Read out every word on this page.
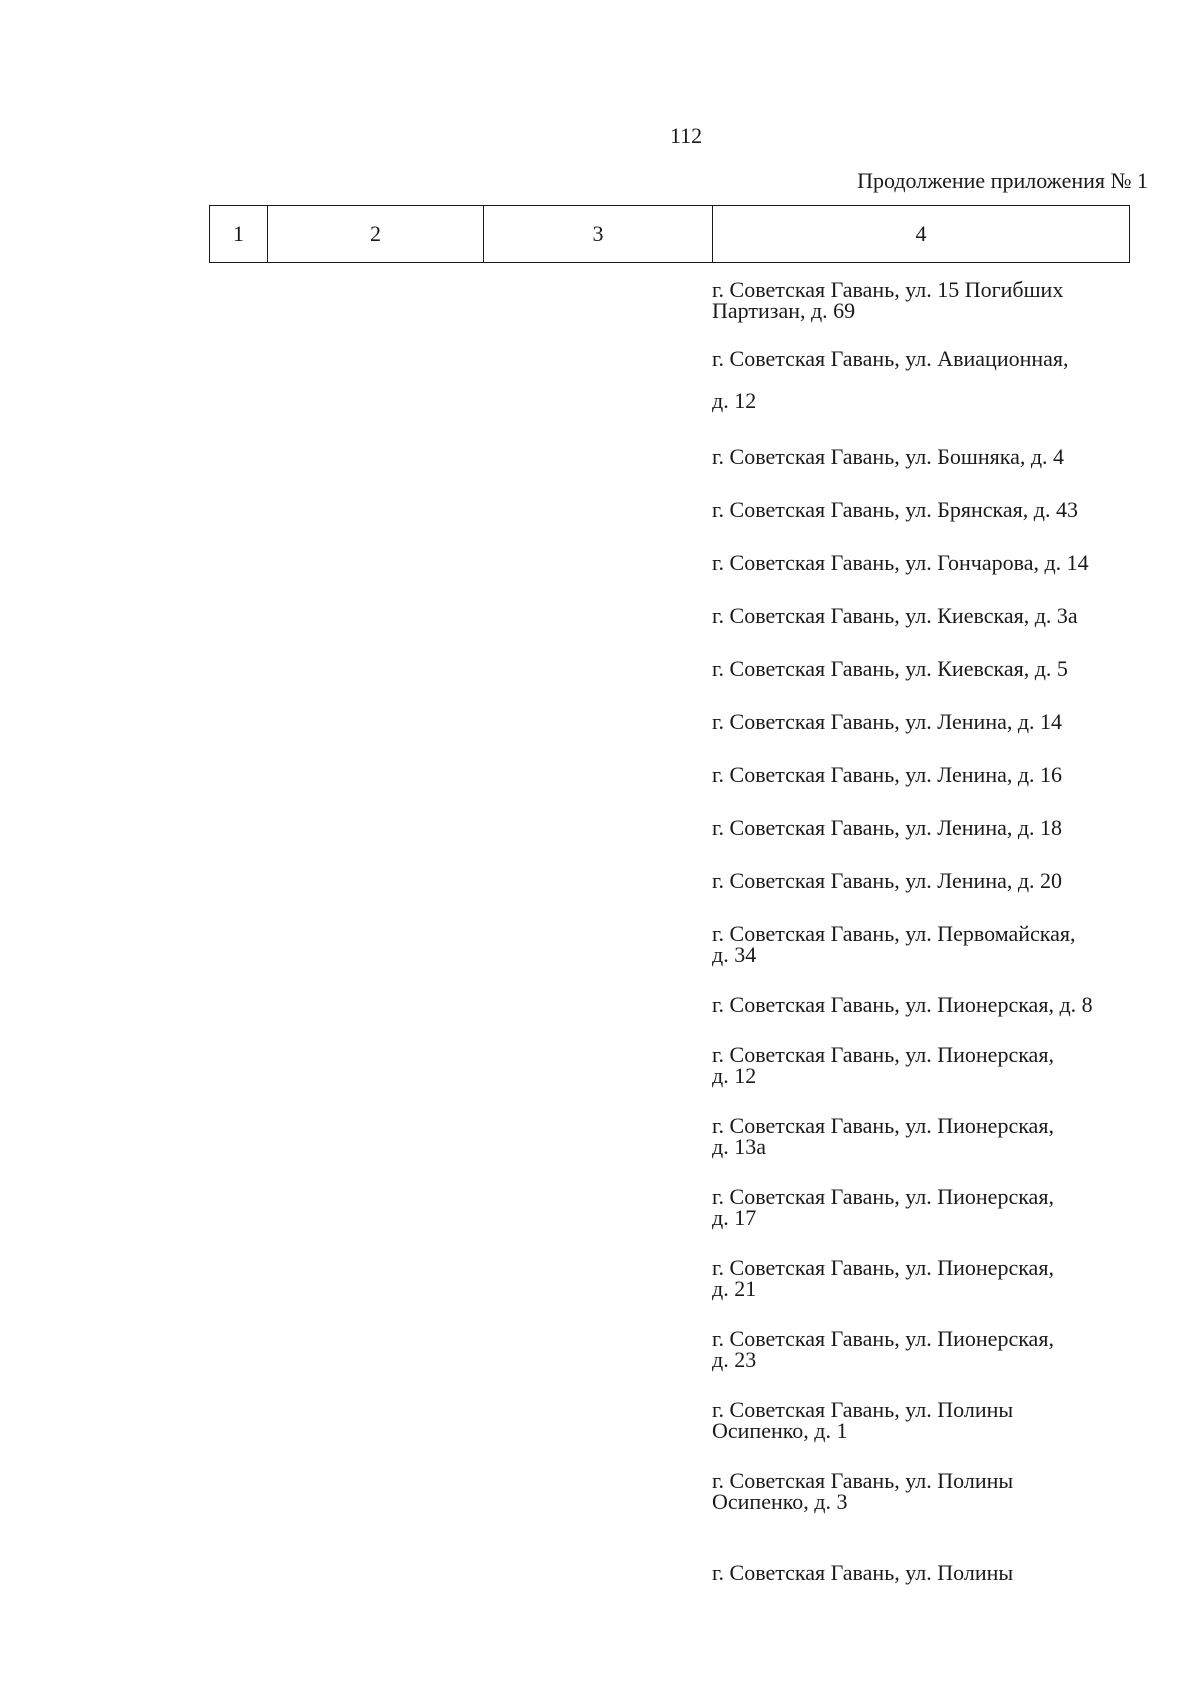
112
Продолжение приложения № 1
1	2	3	4
г. Советская Гавань, ул. 15 Погибших
Партизан, д. 69
г. Советская Гавань, ул. Авиационная,

д. 12
г. Советская Гавань, ул. Бошняка, д. 4
г. Советская Гавань, ул. Брянская, д. 43
г. Советская Гавань, ул. Гончарова, д. 14
г. Советская Гавань, ул. Киевская, д. 3а
г. Советская Гавань, ул. Киевская, д. 5
г. Советская Гавань, ул. Ленина, д. 14
г. Советская Гавань, ул. Ленина, д. 16
г. Советская Гавань, ул. Ленина, д. 18
г. Советская Гавань, ул. Ленина, д. 20
г. Советская Гавань, ул. Первомайская,
д. 34
г. Советская Гавань, ул. Пионерская, д. 8
г. Советская Гавань, ул. Пионерская,
д. 12
г. Советская Гавань, ул. Пионерская,
д. 13а
г. Советская Гавань, ул. Пионерская,
д. 17
г. Советская Гавань, ул. Пионерская,
д. 21
г. Советская Гавань, ул. Пионерская,
д. 23
г. Советская Гавань, ул. Полины
Осипенко, д. 1
г. Советская Гавань, ул. Полины
Осипенко, д. 3
г. Советская Гавань, ул. Полины
